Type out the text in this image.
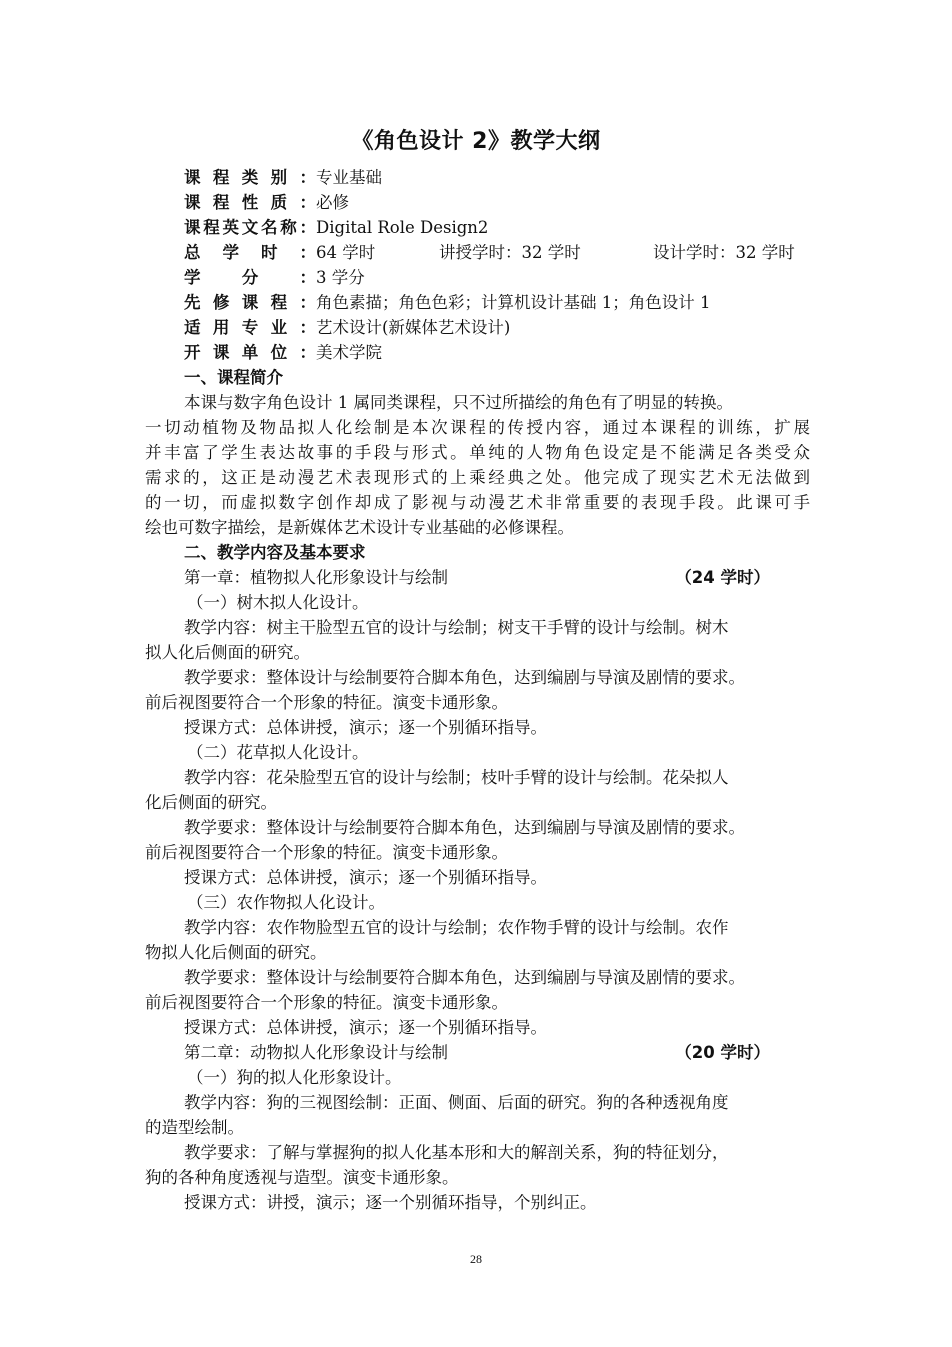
《角色设计 2》教学大纲
课程类别：专业基础
课程性质：必修
课程英文名称：Digital Role Design2
总学时： 64 学时	讲授学时：32 学时	设计学时：32 学时
学分：3 学分
先修课程：角色素描；角色色彩；计算机设计基础 1；角色设计 1
适用专业：艺术设计(新媒体艺术设计)
开课单位：美术学院
一、课程简介
本课与数字角色设计 1 属同类课程，只不过所描绘的角色有了明显的转换。
一切动植物及物品拟人化绘制是本次课程的传授内容，通过本课程的训练，扩展
并丰富了学生表达故事的手段与形式。单纯的人物角色设定是不能满足各类受众
需求的，这正是动漫艺术表现形式的上乘经典之处。他完成了现实艺术无法做到
的一切，而虚拟数字创作却成了影视与动漫艺术非常重要的表现手段。此课可手
绘也可数字描绘，是新媒体艺术设计专业基础的必修课程。
二、教学内容及基本要求
第一章：植物拟人化形象设计与绘制	（24 学时）
（一）树木拟人化设计。
教学内容：树主干脸型五官的设计与绘制；树支干手臂的设计与绘制。树木
拟人化后侧面的研究。
教学要求：整体设计与绘制要符合脚本角色，达到编剧与导演及剧情的要求。
前后视图要符合一个形象的特征。演变卡通形象。
授课方式：总体讲授，演示；逐一个别循环指导。
（二）花草拟人化设计。
教学内容：花朵脸型五官的设计与绘制；枝叶手臂的设计与绘制。花朵拟人
化后侧面的研究。
教学要求：整体设计与绘制要符合脚本角色，达到编剧与导演及剧情的要求。
前后视图要符合一个形象的特征。演变卡通形象。
授课方式：总体讲授，演示；逐一个别循环指导。
（三）农作物拟人化设计。
教学内容：农作物脸型五官的设计与绘制；农作物手臂的设计与绘制。农作
物拟人化后侧面的研究。
教学要求：整体设计与绘制要符合脚本角色，达到编剧与导演及剧情的要求。
前后视图要符合一个形象的特征。演变卡通形象。
授课方式：总体讲授，演示；逐一个别循环指导。
第二章：动物拟人化形象设计与绘制	（20 学时）
（一）狗的拟人化形象设计。
教学内容：狗的三视图绘制：正面、侧面、后面的研究。狗的各种透视角度
的造型绘制。
教学要求：了解与掌握狗的拟人化基本形和大的解剖关系，狗的特征划分，
狗的各种角度透视与造型。演变卡通形象。
授课方式：讲授，演示；逐一个别循环指导，个别纠正。
28
